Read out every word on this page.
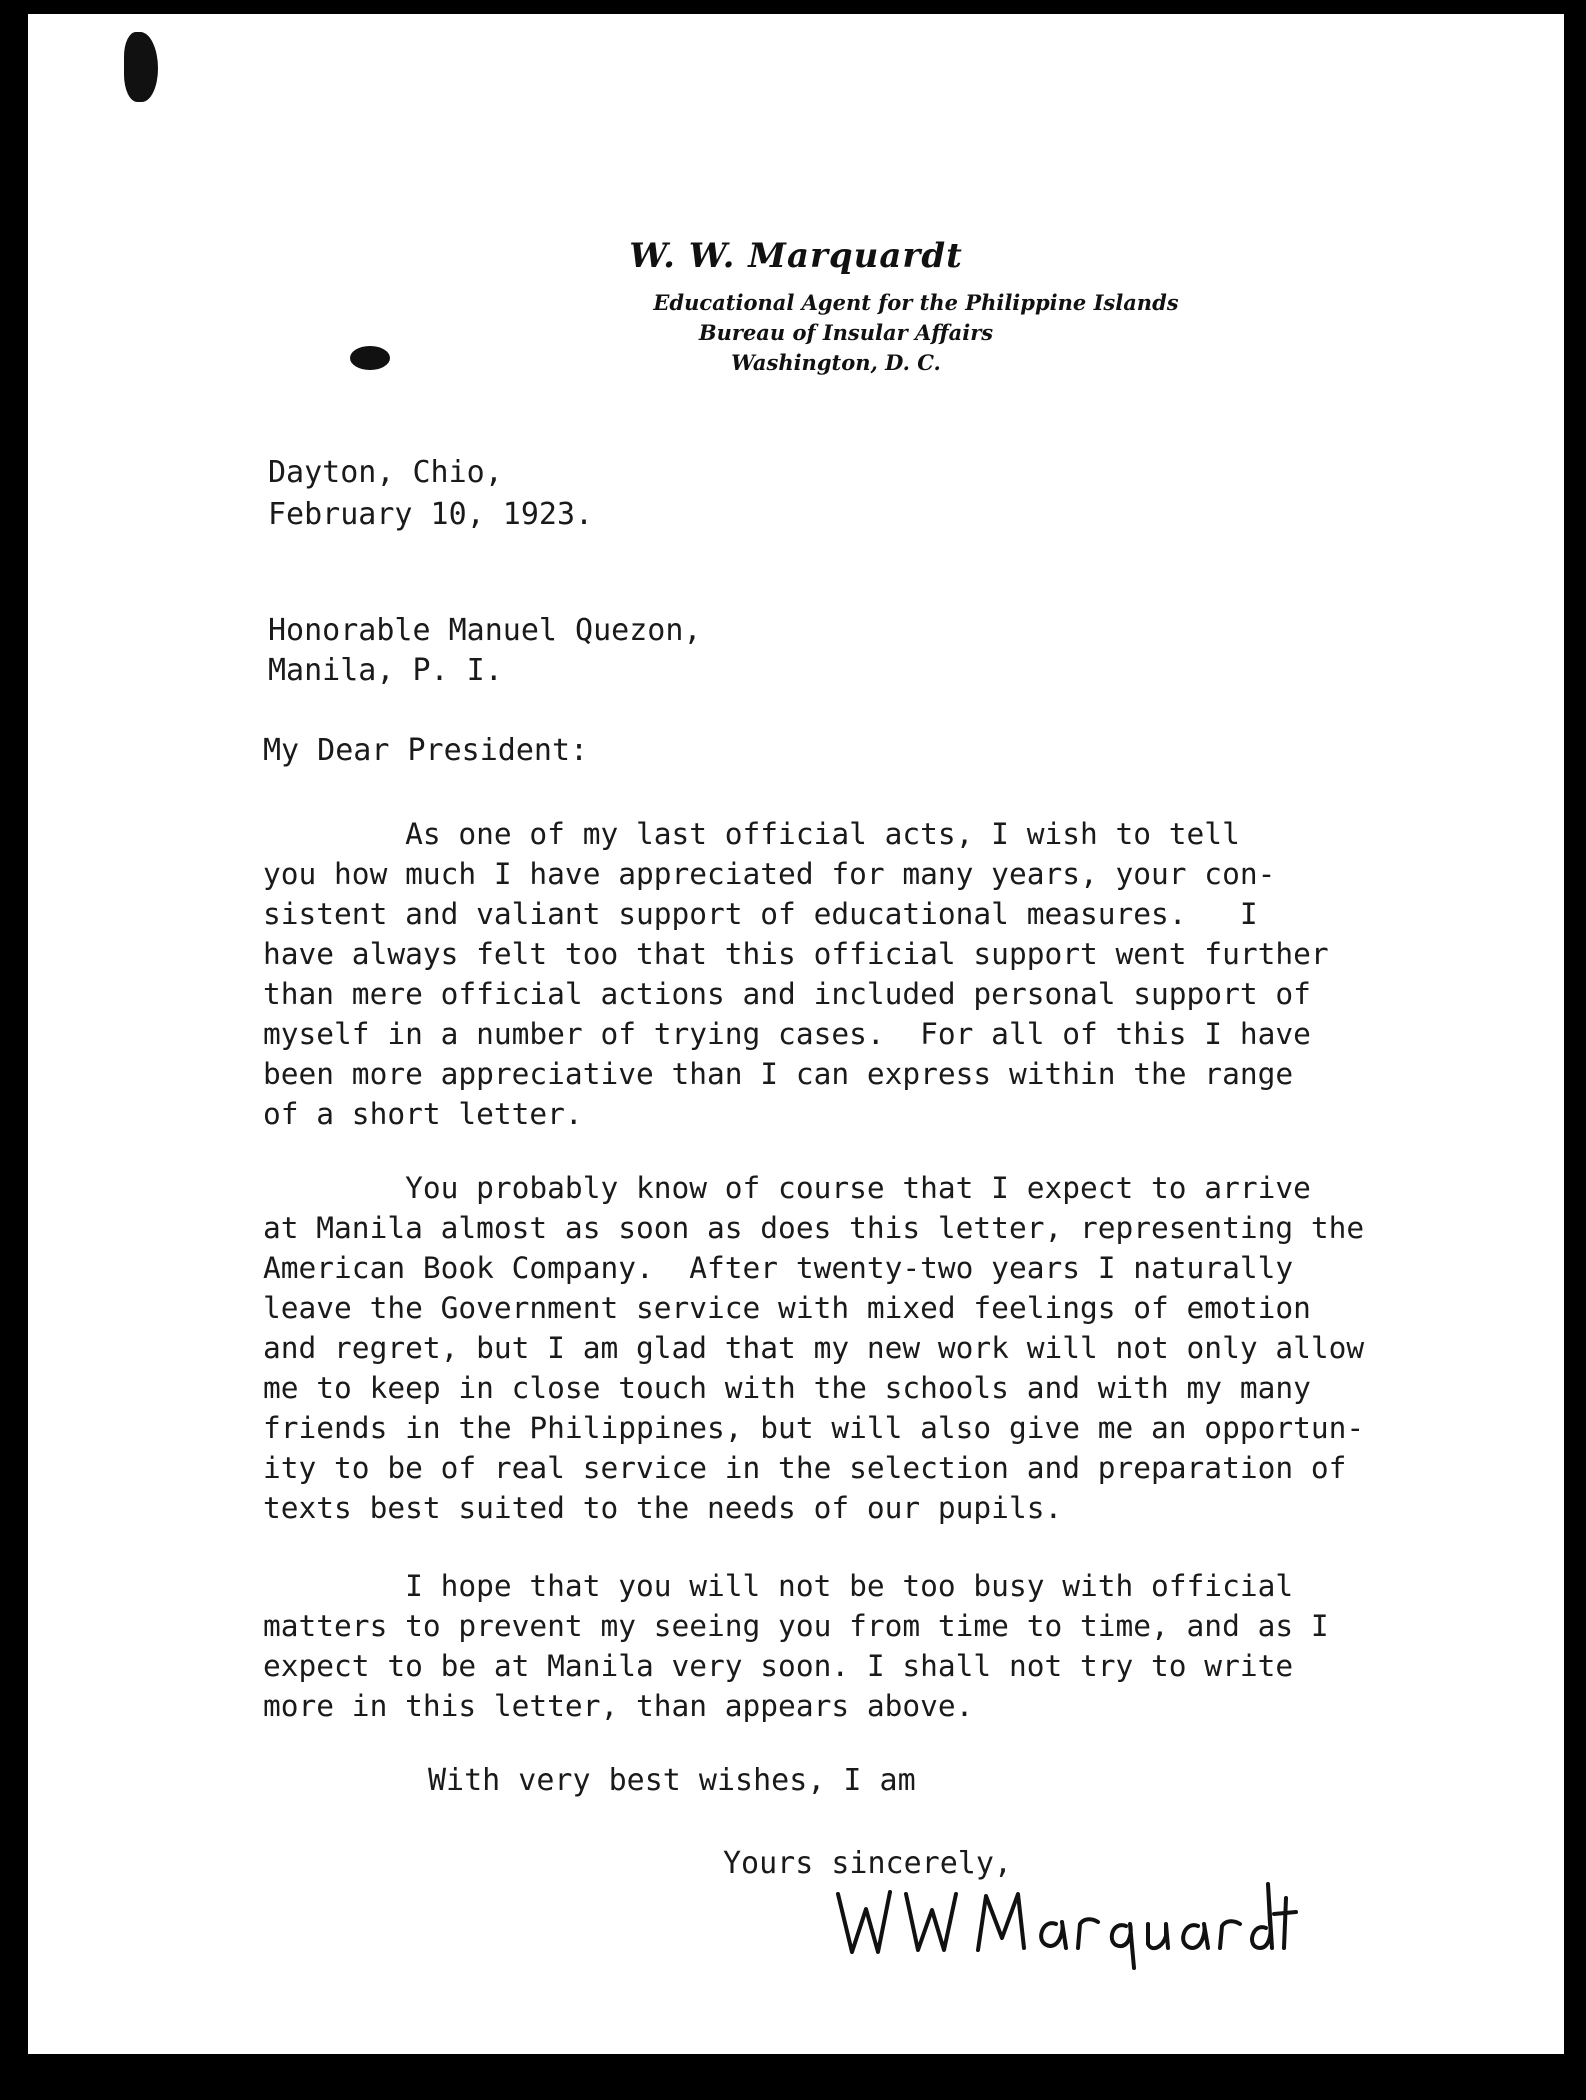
W. W. Marquardt
Educational Agent for the Philippine Islands
Bureau of Insular Affairs
Washington, D. C.
Dayton, Chio,
February 10, 1923.
Honorable Manuel Quezon,
Manila, P. I.
My Dear President:
As one of my last official acts, I wish to tell
you how much I have appreciated for many years, your con-
sistent and valiant support of educational measures.   I
have always felt too that this official support went further
than mere official actions and included personal support of
myself in a number of trying cases.  For all of this I have
been more appreciative than I can express within the range
of a short letter.
You probably know of course that I expect to arrive
at Manila almost as soon as does this letter, representing the
American Book Company.  After twenty-two years I naturally
leave the Government service with mixed feelings of emotion
and regret, but I am glad that my new work will not only allow
me to keep in close touch with the schools and with my many
friends in the Philippines, but will also give me an opportun-
ity to be of real service in the selection and preparation of
texts best suited to the needs of our pupils.
I hope that you will not be too busy with official
matters to prevent my seeing you from time to time, and as I
expect to be at Manila very soon. I shall not try to write
more in this letter, than appears above.
With very best wishes, I am
Yours sincerely,
